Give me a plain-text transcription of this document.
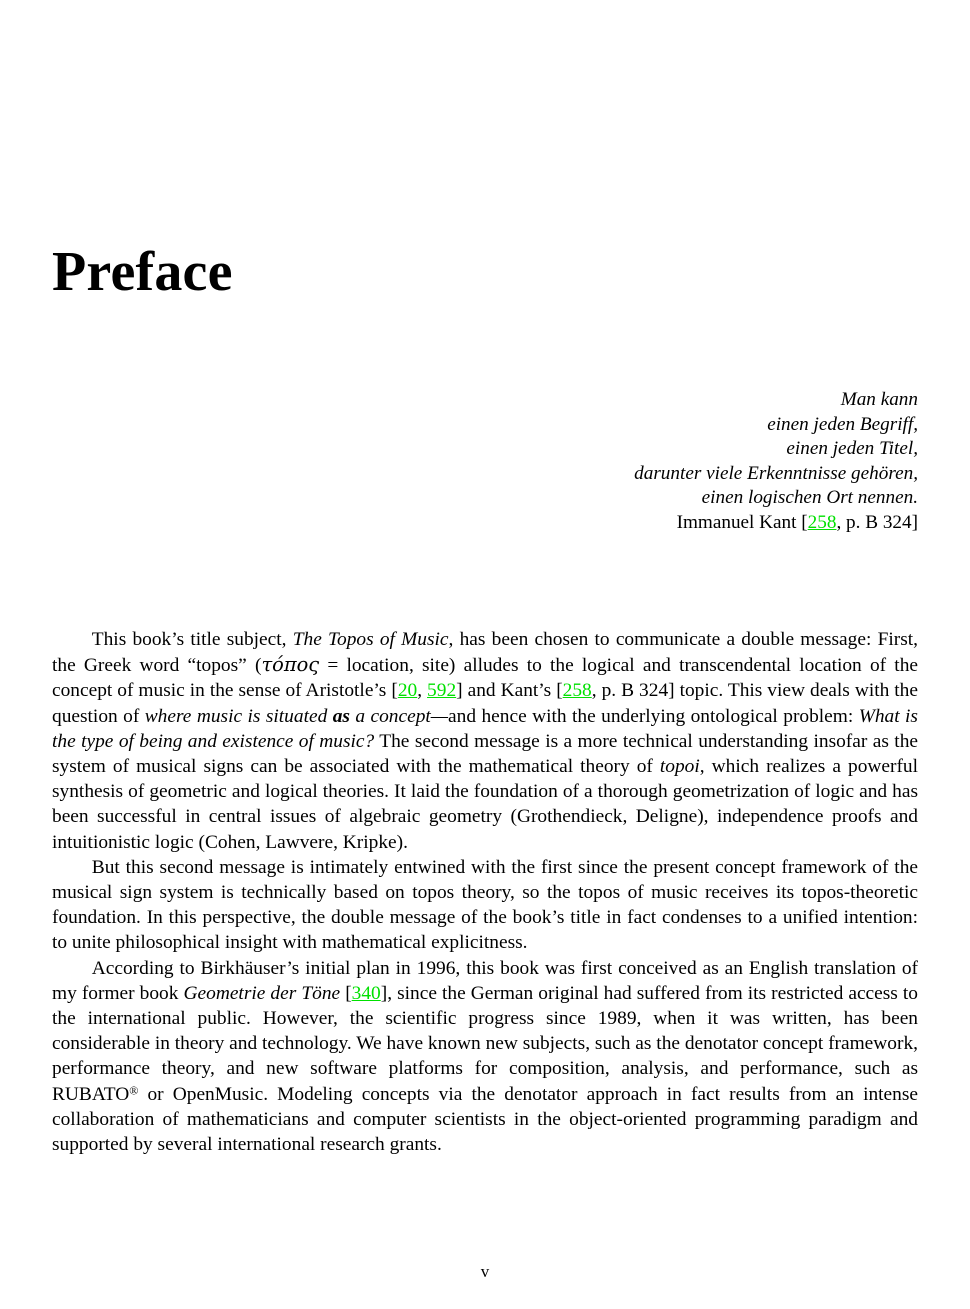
Preface
Man kann
einen jeden Begriff,
einen jeden Titel,
darunter viele Erkenntnisse gehören,
einen logischen Ort nennen.
Immanuel Kant [258, p. B 324]

This book’s title subject, The Topos of Music, has been chosen to communicate a double message: First, the Greek word “topos” (τόπος = location, site) alludes to the logical and transcendental location of the concept of music in the sense of Aristotle’s [20, 592] and Kant’s [258, p. B 324] topic. This view deals with the question of where music is situated as a concept—and hence with the underlying ontological problem: What is the type of being and existence of music? The second message is a more technical understanding insofar as the system of musical signs can be associated with the mathematical theory of topoi, which realizes a powerful synthesis of geometric and logical theories. It laid the foundation of a thorough geometrization of logic and has been successful in central issues of algebraic geometry (Grothendieck, Deligne), independence proofs and intuitionistic logic (Cohen, Lawvere, Kripke).

But this second message is intimately entwined with the first since the present concept framework of the musical sign system is technically based on topos theory, so the topos of music receives its topos-theoretic foundation. In this perspective, the double message of the book’s title in fact condenses to a unified intention: to unite philosophical insight with mathematical explicitness.

According to Birkhäuser’s initial plan in 1996, this book was first conceived as an English translation of my former book Geometrie der Töne [340], since the German original had suffered from its restricted access to the international public. However, the scientific progress since 1989, when it was written, has been considerable in theory and technology. We have known new subjects, such as the denotator concept framework, performance theory, and new software platforms for composition, analysis, and performance, such as RUBATO® or OpenMusic. Modeling concepts via the denotator approach in fact results from an intense collaboration of mathematicians and computer scientists in the object-oriented programming paradigm and supported by several international research grants.

v
